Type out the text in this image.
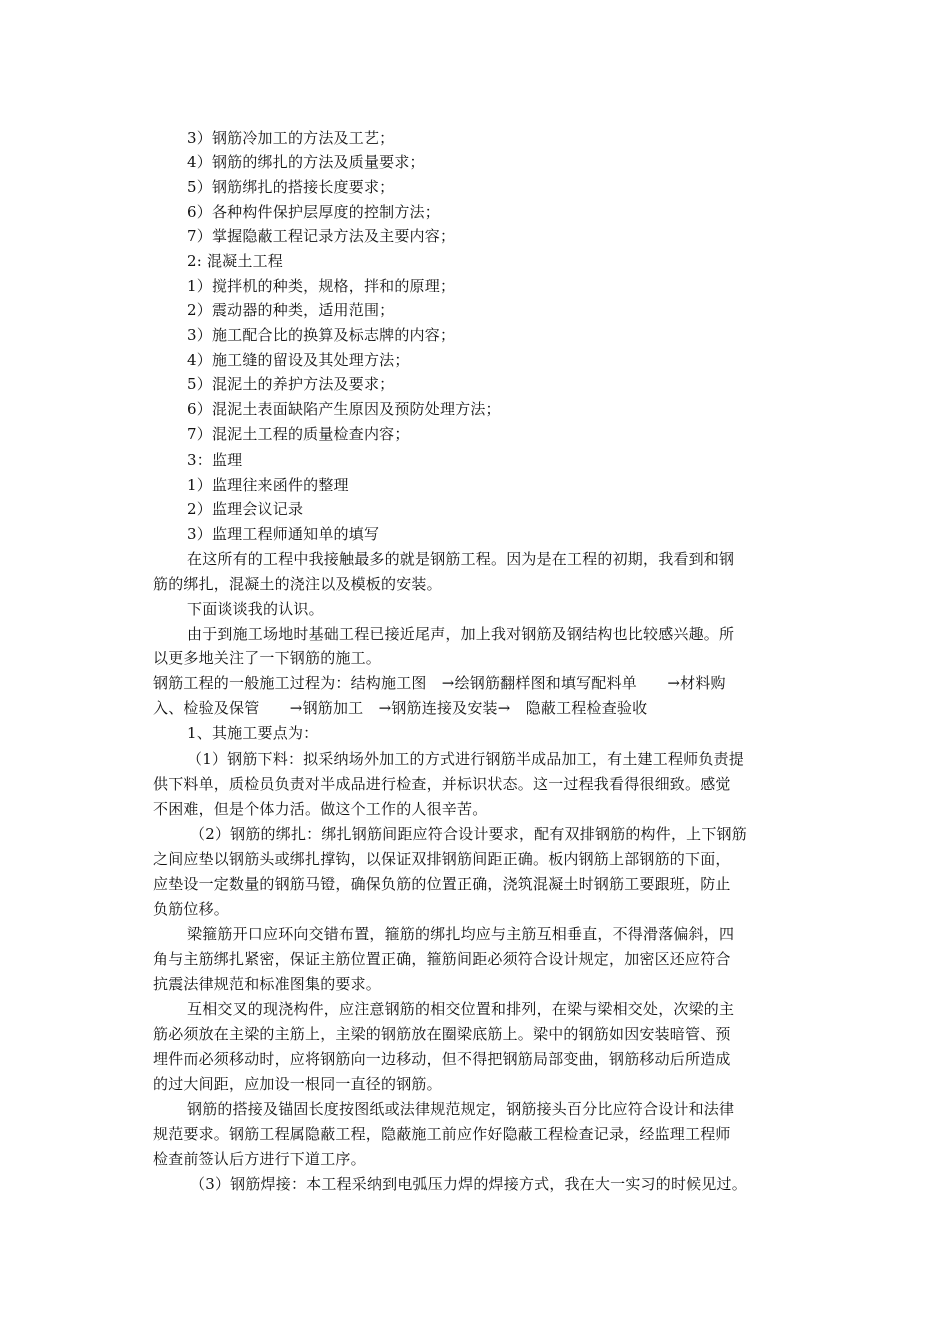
3）钢筋冷加工的方法及工艺；
4）钢筋的绑扎的方法及质量要求；
5）钢筋绑扎的搭接长度要求；
6）各种构件保护层厚度的控制方法；
7）掌握隐蔽工程记录方法及主要内容；
2: 混凝土工程
1）搅拌机的种类，规格，拌和的原理；
2）震动器的种类，适用范围；
3）施工配合比的换算及标志牌的内容；
4）施工缝的留设及其处理方法；
5）混泥土的养护方法及要求；
6）混泥土表面缺陷产生原因及预防处理方法；
7）混泥土工程的质量检查内容；
3：监理
1）监理往来函件的整理
2）监理会议记录
3）监理工程师通知单的填写
在这所有的工程中我接触最多的就是钢筋工程。因为是在工程的初期，我看到和钢
筋的绑扎，混凝土的浇注以及模板的安装。
下面谈谈我的认识。
由于到施工场地时基础工程已接近尾声，加上我对钢筋及钢结构也比较感兴趣。所
以更多地关注了一下钢筋的施工。
钢筋工程的一般施工过程为：结构施工图　→绘钢筋翻样图和填写配料单　　→材料购
入、检验及保管　　→钢筋加工　→钢筋连接及安装→　隐蔽工程检查验收
1、其施工要点为：
（1）钢筋下料：拟采纳场外加工的方式进行钢筋半成品加工，有土建工程师负责提
供下料单，质检员负责对半成品进行检查，并标识状态。这一过程我看得很细致。感觉
不困难，但是个体力活。做这个工作的人很辛苦。
（2）钢筋的绑扎：绑扎钢筋间距应符合设计要求，配有双排钢筋的构件，上下钢筋
之间应垫以钢筋头或绑扎撑钩，以保证双排钢筋间距正确。板内钢筋上部钢筋的下面，
应垫设一定数量的钢筋马镫，确保负筋的位置正确，浇筑混凝土时钢筋工要跟班，防止
负筋位移。
梁箍筋开口应环向交错布置，箍筋的绑扎均应与主筋互相垂直，不得滑落偏斜，四
角与主筋绑扎紧密，保证主筋位置正确，箍筋间距必须符合设计规定，加密区还应符合
抗震法律规范和标准图集的要求。
互相交叉的现浇构件，应注意钢筋的相交位置和排列，在梁与梁相交处，次梁的主
筋必须放在主梁的主筋上，主梁的钢筋放在圈梁底筋上。梁中的钢筋如因安装暗管、预
埋件而必须移动时，应将钢筋向一边移动，但不得把钢筋局部变曲，钢筋移动后所造成
的过大间距，应加设一根同一直径的钢筋。
钢筋的搭接及锚固长度按图纸或法律规范规定，钢筋接头百分比应符合设计和法律
规范要求。钢筋工程属隐蔽工程，隐蔽施工前应作好隐蔽工程检查记录，经监理工程师
检查前签认后方进行下道工序。
（3）钢筋焊接：本工程采纳到电弧压力焊的焊接方式，我在大一实习的时候见过。
